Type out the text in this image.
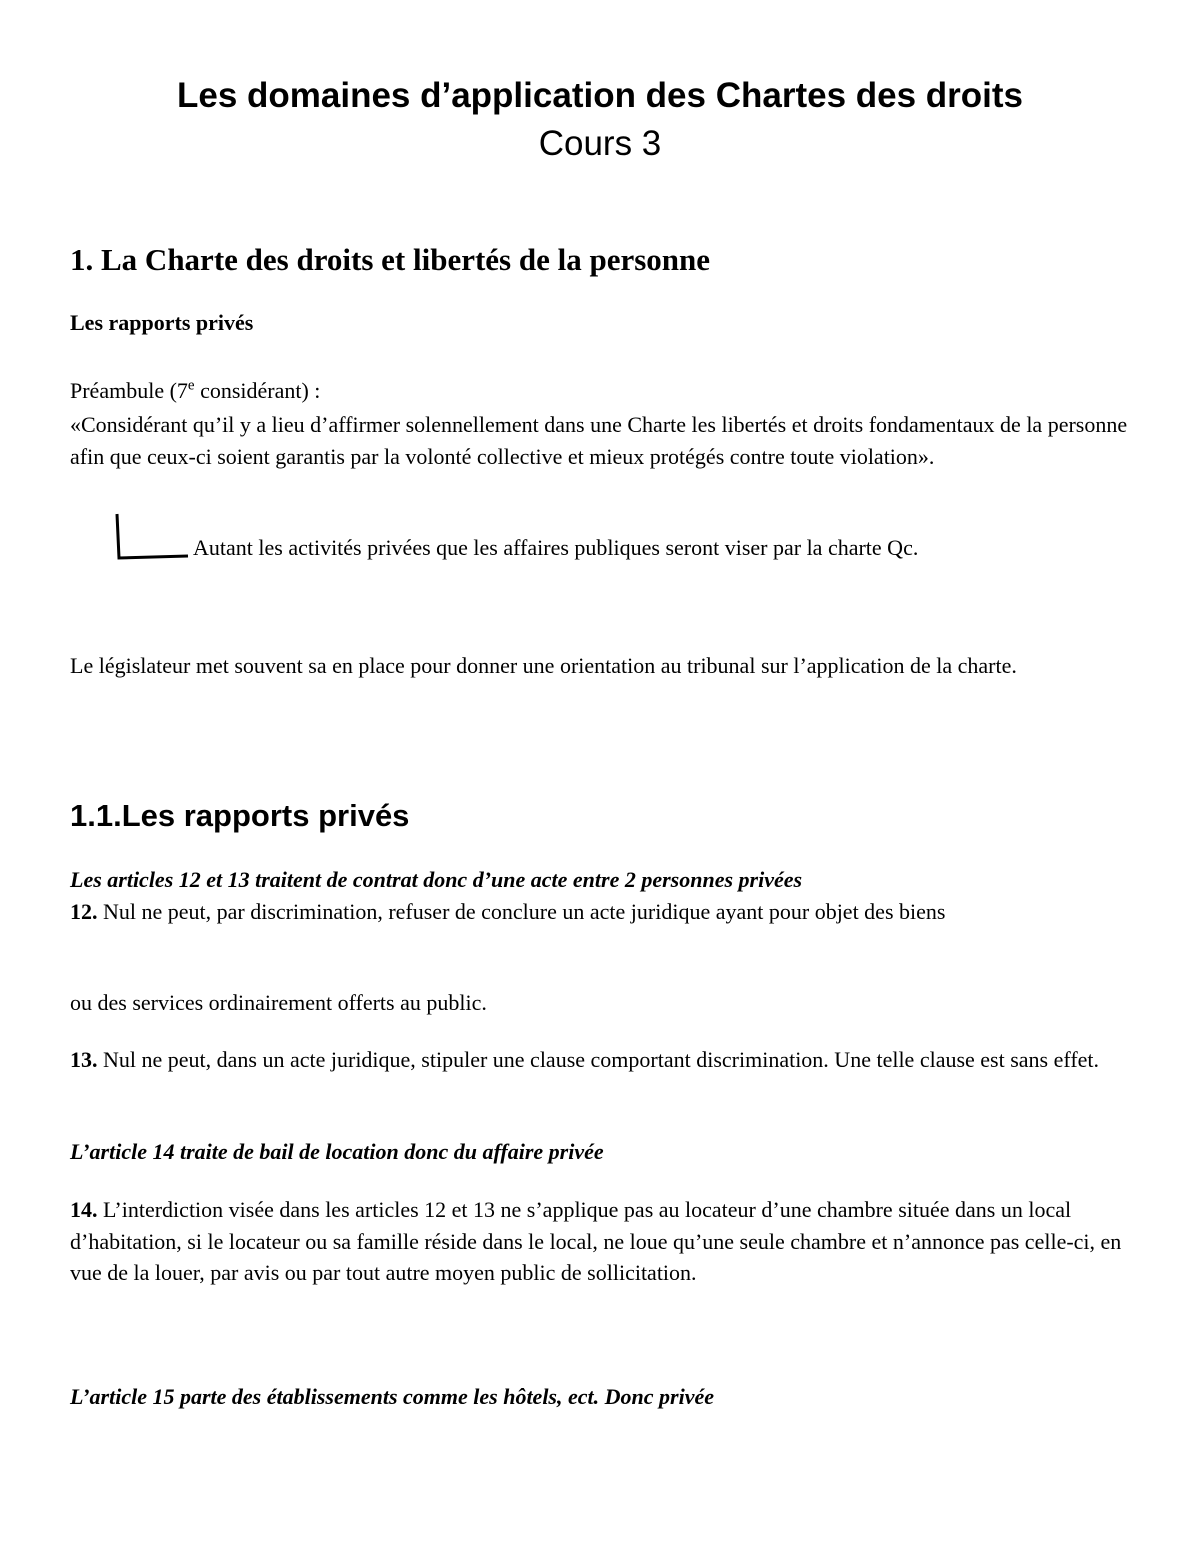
Les domaines d’application des Chartes des droits
Cours 3
1. La Charte des droits et libertés de la personne
Les rapports privés
Préambule (7e considérant) :
«Considérant qu’il y a lieu d’affirmer solennellement dans une Charte les libertés et droits fondamentaux de la personne afin que ceux-ci soient garantis par la volonté collective et mieux protégés contre toute violation».
Autant les activités privées que les affaires publiques seront viser par la charte Qc.
Le législateur met souvent sa en place pour donner une orientation au tribunal sur l’application de la charte.
1.1.Les rapports privés
Les articles 12 et 13 traitent de contrat donc d’une acte entre 2 personnes privées
12. Nul ne peut, par discrimination, refuser de conclure un acte juridique ayant pour objet des biens
ou des services ordinairement offerts au public.
13. Nul ne peut, dans un acte juridique, stipuler une clause comportant discrimination. Une telle clause est sans effet.
L’article 14 traite de bail de location donc du affaire privée
14. L’interdiction visée dans les articles 12 et 13 ne s’applique pas au locateur d’une chambre située dans un local d’habitation, si le locateur ou sa famille réside dans le local, ne loue qu’une seule chambre et n’annonce pas celle-ci, en vue de la louer, par avis ou par tout autre moyen public de sollicitation.
L’article 15 parte des établissements comme les hôtels, ect. Donc privée
